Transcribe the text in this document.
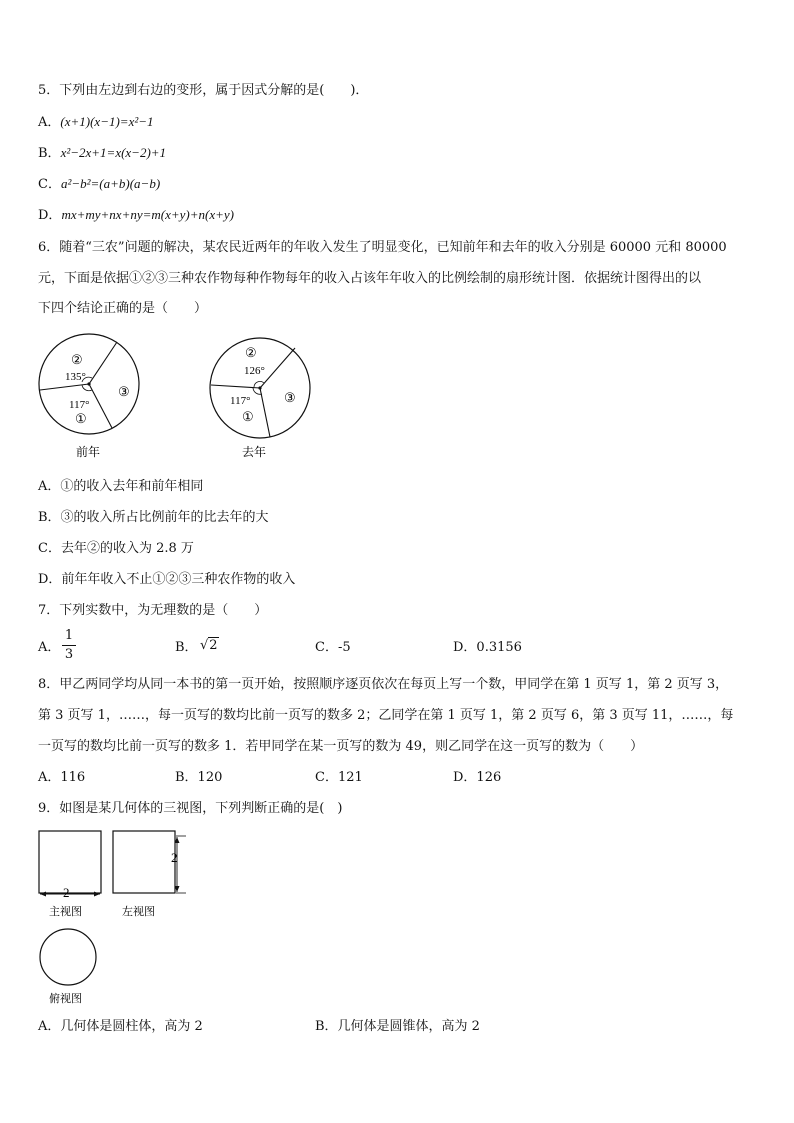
5．下列由左边到右边的变形，属于因式分解的是(　　)．
A．(x+1)(x−1)=x²−1
B．x²−2x+1=x(x−2)+1
C．a²−b²=(a+b)(a−b)
D．mx+my+nx+ny=m(x+y)+n(x+y)
6．随着“三农”问题的解决，某农民近两年的年收入发生了明显变化，已知前年和去年的收入分别是 60000 元和 80000
元，下面是依据①②③三种农作物每种作物每年的收入占该年年收入的比例绘制的扇形统计图．依据统计图得出的以
下四个结论正确的是（　　）
②
③
①
135°
117°
前年
②
③
①
126°
117°
去年
A．①的收入去年和前年相同
B．③的收入所占比例前年的比去年的大
C．去年②的收入为 2.8 万
D．前年年收入不止①②③三种农作物的收入
7．下列实数中，为无理数的是（　　）
A．
1
3	B． √2	C．-5	D．0.3156
8．甲乙两同学均从同一本书的第一页开始，按照顺序逐页依次在每页上写一个数，甲同学在第 1 页写 1，第 2 页写 3，
第 3 页写 1，……，每一页写的数均比前一页写的数多 2；乙同学在第 1 页写 1，第 2 页写 6，第 3 页写 11，……，每
一页写的数均比前一页写的数多 1．若甲同学在某一页写的数为 49，则乙同学在这一页写的数为（　　）
A．116	B．120	C．121	D．126
9．如图是某几何体的三视图，下列判断正确的是(　)
2
主视图
2
左视图
俯视图
A．几何体是圆柱体，高为 2	B．几何体是圆锥体，高为 2
